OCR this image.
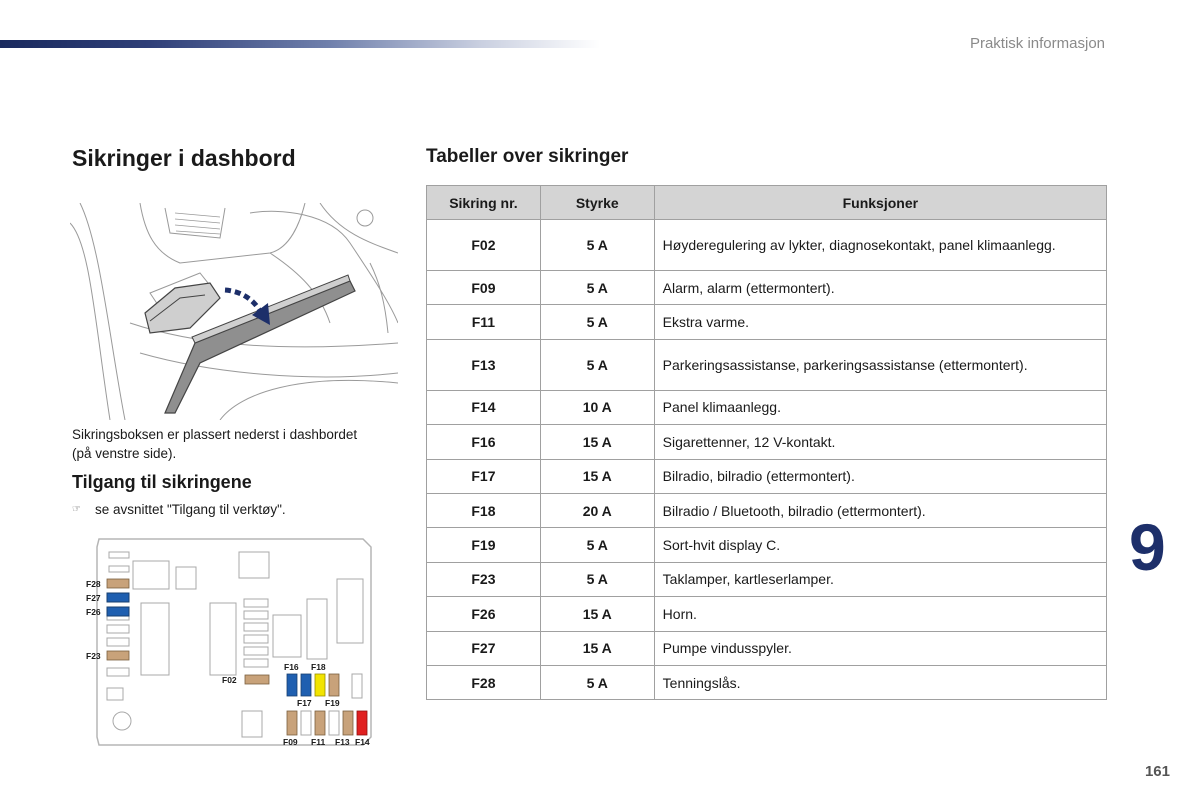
Praktisk informasjon
Sikringer i dashbord	Tabeller over sikringer
Sikringsboksen er plassert nederst i dashbordet (på venstre side).
Tilgang til sikringene
☞ se avsnittet "Tilgang til verktøy".
F28
F27
F26
F23
F02
F16 F18
F17 F19
F09 F11 F13 F14
Sikring nr.	Styrke	Funksjoner
F02	5 A	Høyderegulering av lykter, diagnosekontakt, panel klimaanlegg.
F09	5 A	Alarm, alarm (ettermontert).
F11	5 A	Ekstra varme.
F13	5 A	Parkeringsassistanse, parkeringsassistanse (ettermontert).
F14	10 A	Panel klimaanlegg.
F16	15 A	Sigarettenner, 12 V-kontakt.
F17	15 A	Bilradio, bilradio (ettermontert).
F18	20 A	Bilradio / Bluetooth, bilradio (ettermontert).
F19	5 A	Sort-hvit display C.
F23	5 A	Taklamper, kartleserlamper.
F26	15 A	Horn.
F27	15 A	Pumpe vindusspyler.
F28	5 A	Tenningslås.
9
161
